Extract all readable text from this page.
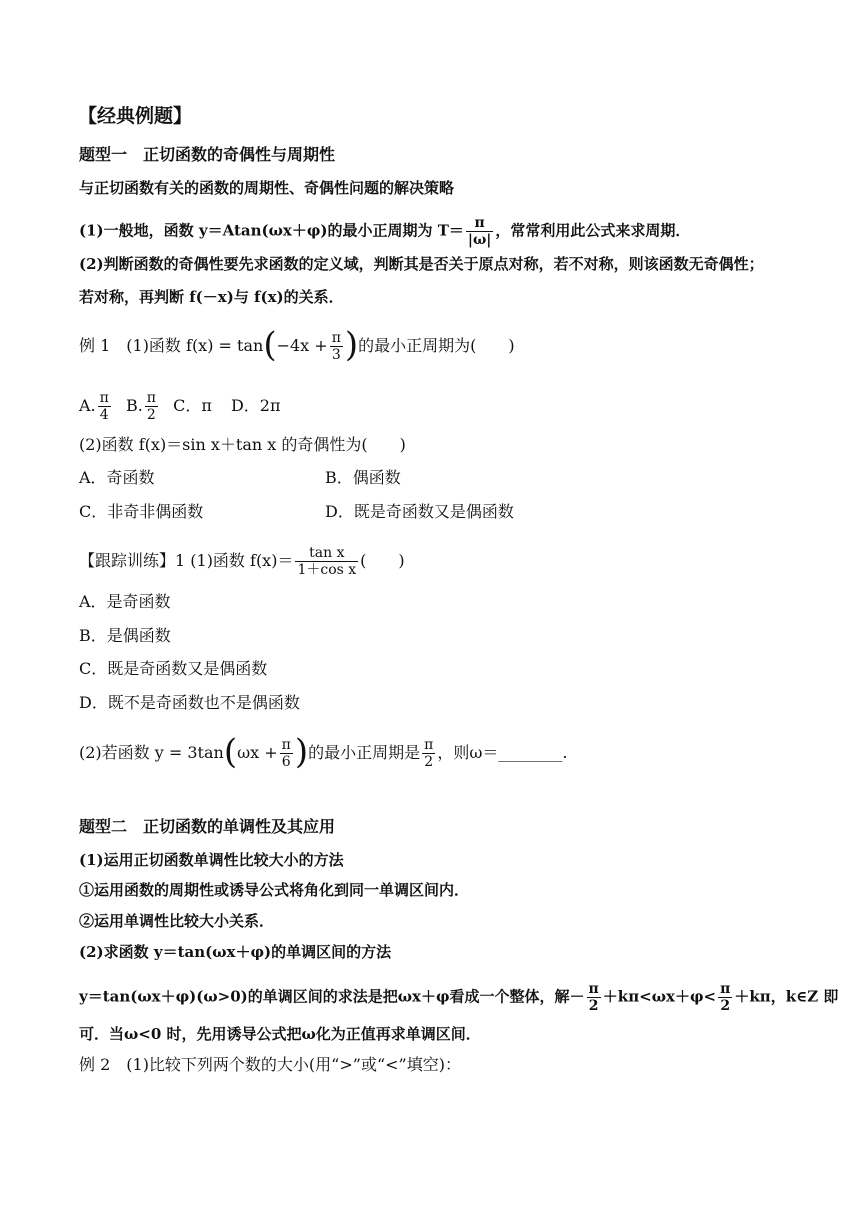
【经典例题】
题型一　正切函数的奇偶性与周期性
与正切函数有关的函数的周期性、奇偶性问题的解决策略
(1)一般地，函数 y＝Atan(ωx＋φ)的最小正周期为 $T= \frac{\pi}{|\omega|}$ ，常常利用此公式来求周期．
(2)判断函数的奇偶性要先求函数的定义域，判断其是否关于原点对称，若不对称，则该函数无奇偶性；
若对称，再判断 f(－x)与 f(x)的关系．
例 1　(1)函数 $f(x) = \tan(-4x + \frac{\pi}{3}$ )的最小正周期为(　　)
A. $\frac{\pi}{4} B$. $\frac{\pi}{2}$ C．π D．2π
(2)函数 f(x)＝sin x＋tan x 的奇偶性为(　　)
A．奇函数	B．偶函数
C．非奇非偶函数	D．既是奇函数又是偶函数
【跟踪训练】1 (1)函数 $f(x)= \frac{\text{tan x}}{\text{1＋cos x}}$ (　　)
A．是奇函数
B．是偶函数
C．既是奇函数又是偶函数
D．既不是奇函数也不是偶函数
(2)若函数 $y = 3\tan(\omega x + \frac{\pi}{6}$ )的最小正周期是 $\frac{\pi}{2}$ ，则ω＝________.
题型二　正切函数的单调性及其应用
(1)运用正切函数单调性比较大小的方法
①运用函数的周期性或诱导公式将角化到同一单调区间内．
②运用单调性比较大小关系．
(2)求函数 y＝tan(ωx＋φ)的单调区间的方法
y＝tan(ωx＋φ)(ω>0)的单调区间的求法是把ωx＋φ看成一个整体，解－ $\frac{\pi}{2} +k\pi<\omega x+\varphi< \frac{\pi}{2} +k\pi$，k∈Z 即
可．当ω<0 时，先用诱导公式把ω化为正值再求单调区间．
例 2　(1)比较下列两个数的大小(用“>”或“<”填空)：
